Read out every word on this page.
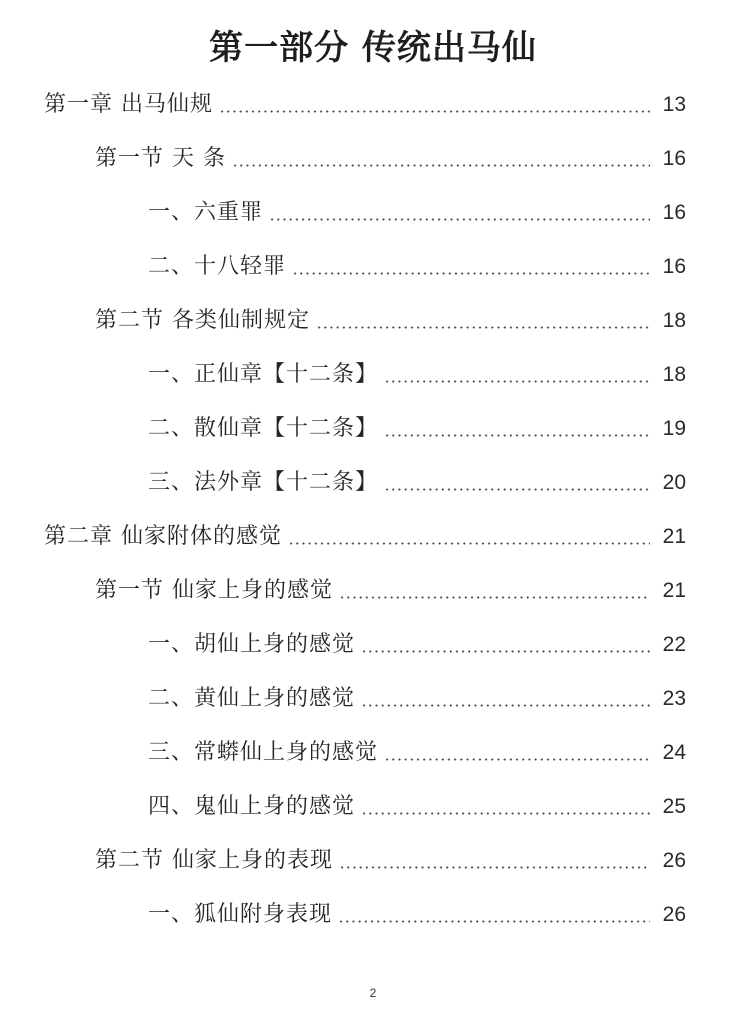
第一部分 传统出马仙
第一章 出马仙规	13
第一节 天 条	16
一、六重罪	16
二、十八轻罪	16
第二节 各类仙制规定	18
一、正仙章【十二条】	18
二、散仙章【十二条】	19
三、法外章【十二条】	20
第二章 仙家附体的感觉	21
第一节 仙家上身的感觉	21
一、胡仙上身的感觉	22
二、黄仙上身的感觉	23
三、常蟒仙上身的感觉	24
四、鬼仙上身的感觉	25
第二节 仙家上身的表现	26
一、狐仙附身表现	26
2
